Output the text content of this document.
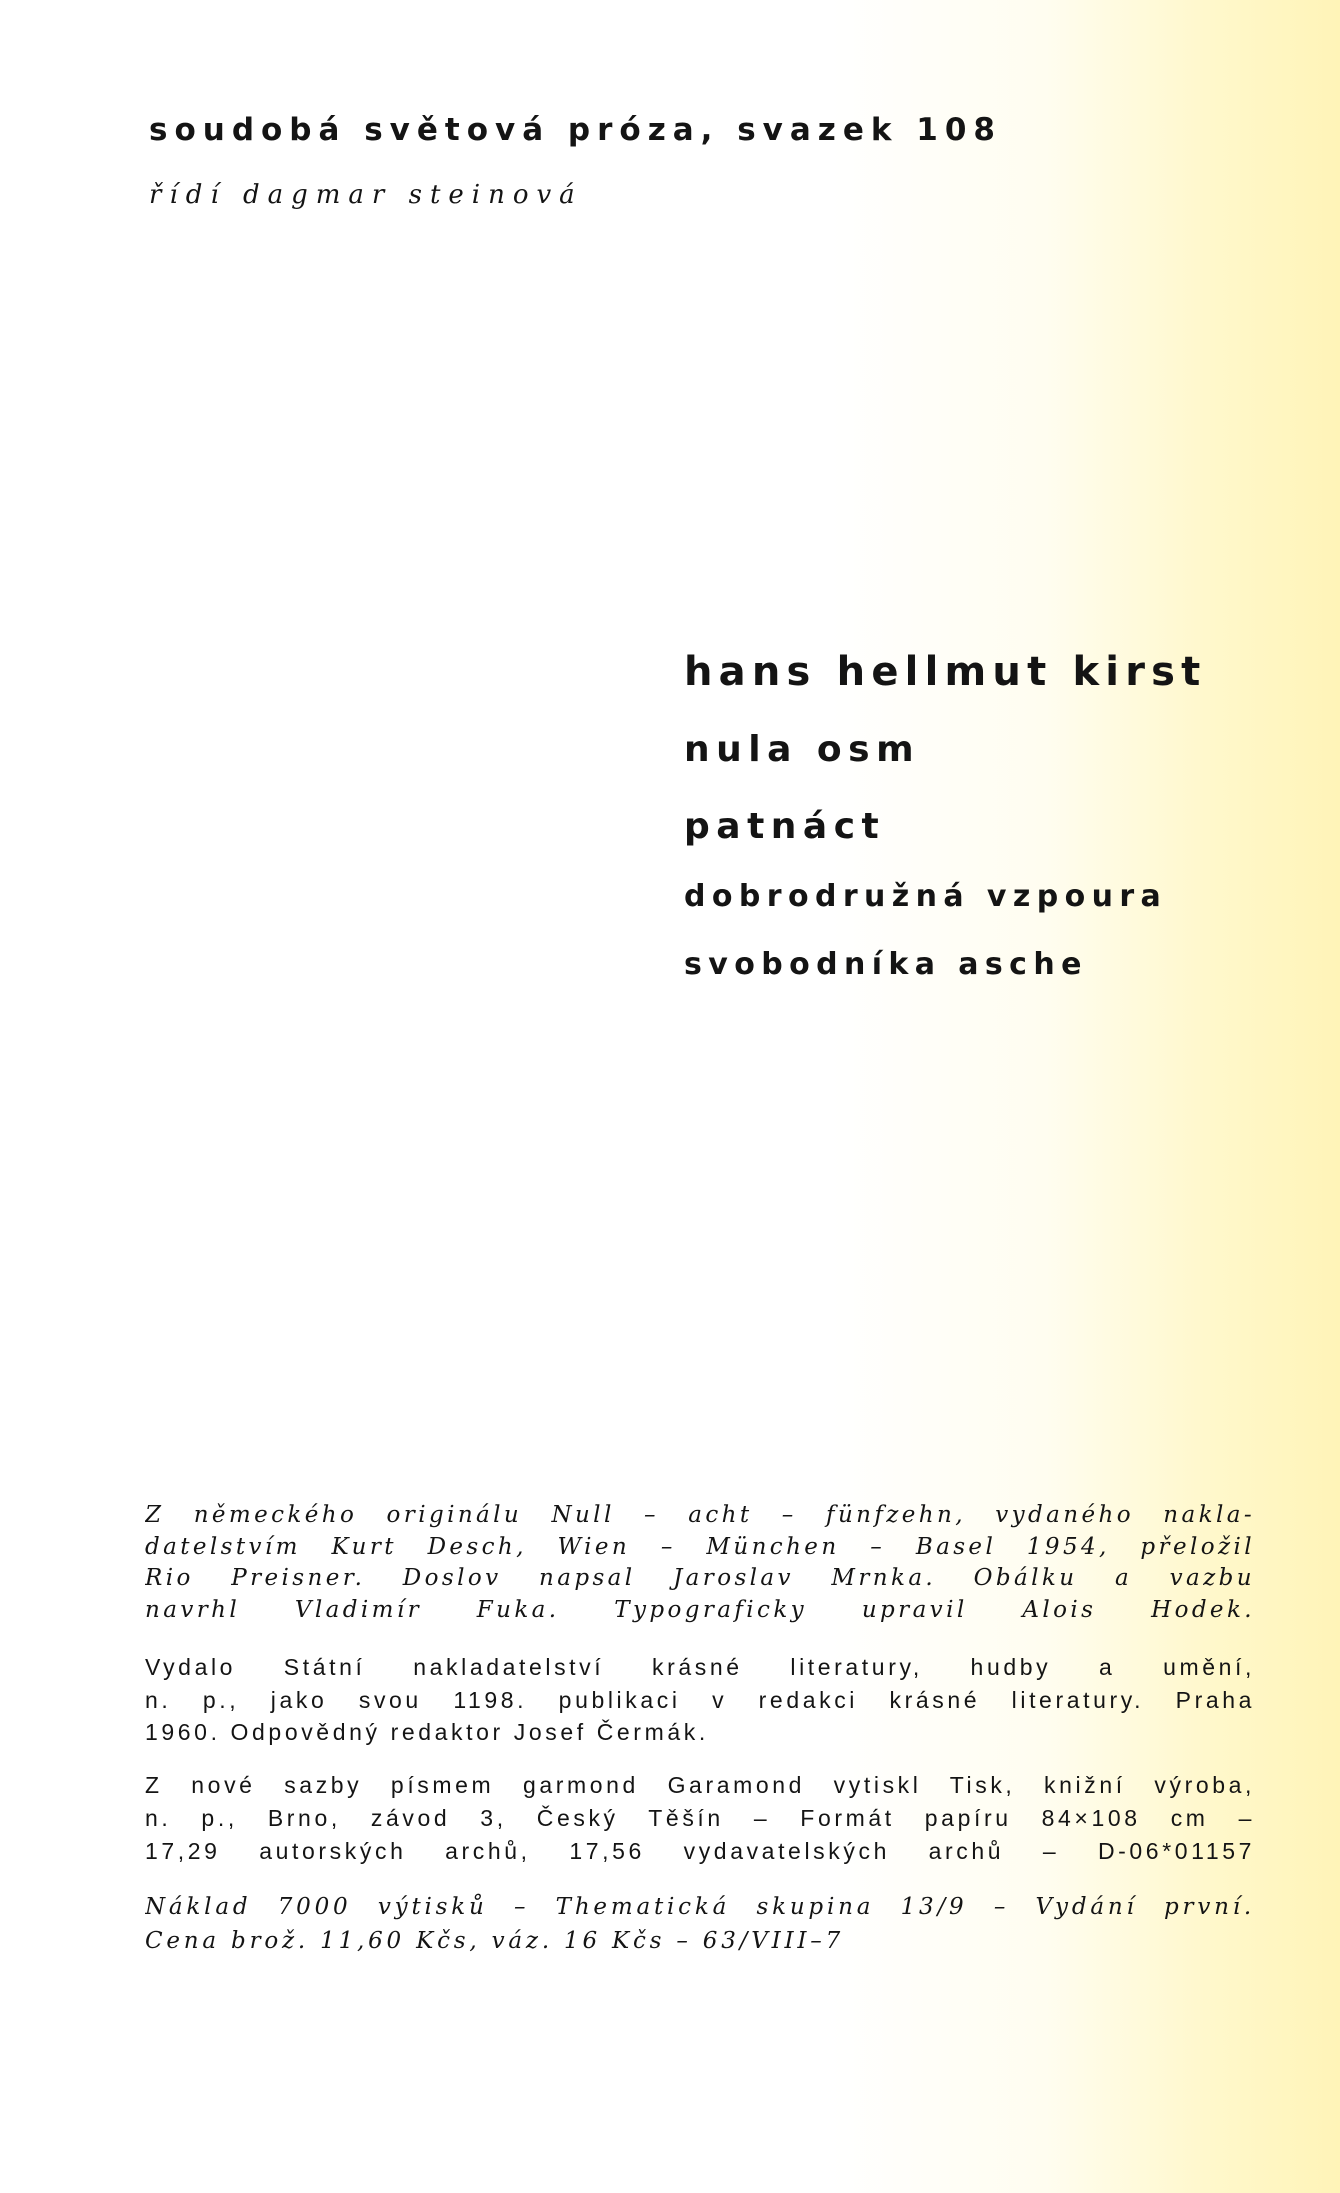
soudobá světová próza, svazek 108
řídí dagmar steinová
hans hellmut kirst
nula osm
patnáct
dobrodružná vzpoura
svobodníka asche
Z německého originálu Null – acht – fünfzehn, vydaného nakla-
datelstvím Kurt Desch, Wien – München – Basel 1954, přeložil
Rio Preisner. Doslov napsal Jaroslav Mrnka. Obálku a vazbu
navrhl Vladimír Fuka. Typograficky upravil Alois Hodek.
Vydalo Státní nakladatelství krásné literatury, hudby a umění,
n. p., jako svou 1198. publikaci v redakci krásné literatury. Praha
1960. Odpovědný redaktor Josef Čermák.
Z nové sazby písmem garmond Garamond vytiskl Tisk, knižní výroba,
n. p., Brno, závod 3, Český Těšín – Formát papíru 84×108 cm –
17,29 autorských archů, 17,56 vydavatelských archů – D-06*01157
Náklad 7000 výtisků – Thematická skupina 13/9 – Vydání první.
Cena brož. 11,60 Kčs, váz. 16 Kčs – 63/VIII–7
